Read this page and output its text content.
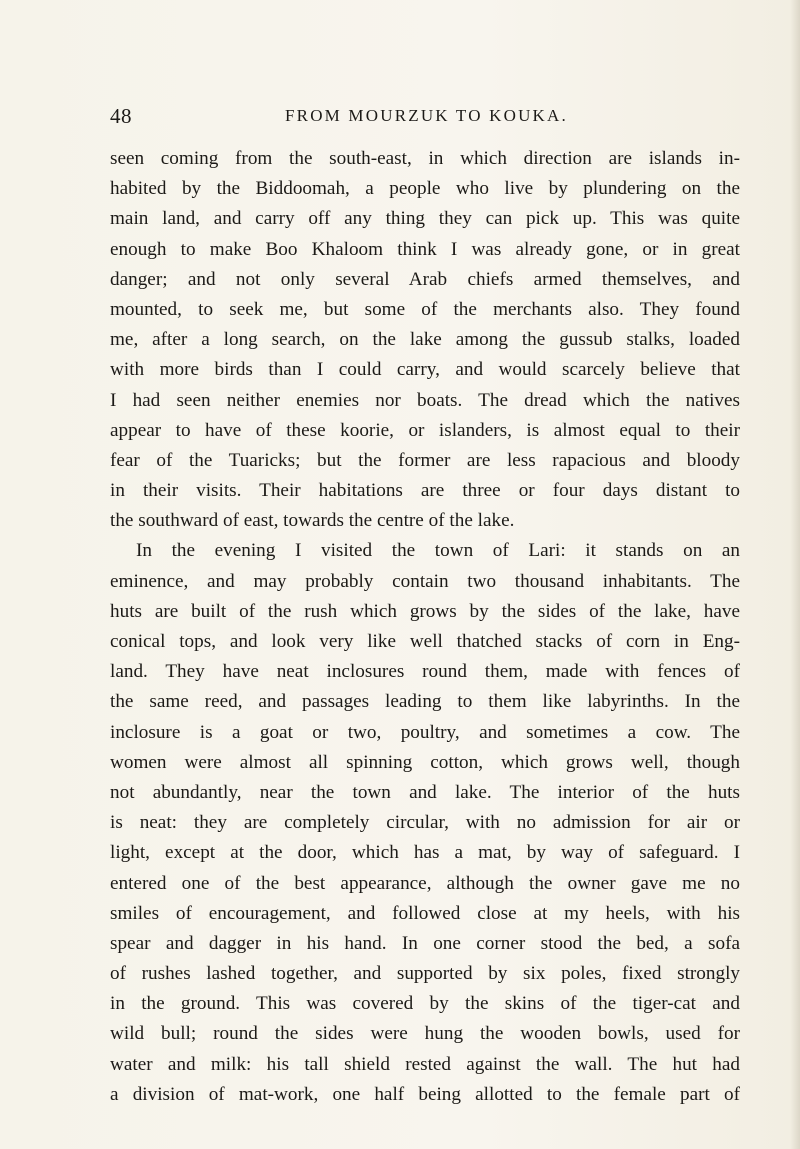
48	FROM MOURZUK TO KOUKA.
seen coming from the south-east, in which direction are islands in-
habited by the Biddoomah, a people who live by plundering on the
main land, and carry off any thing they can pick up. This was quite
enough to make Boo Khaloom think I was already gone, or in great
danger; and not only several Arab chiefs armed themselves, and
mounted, to seek me, but some of the merchants also. They found
me, after a long search, on the lake among the gussub stalks, loaded
with more birds than I could carry, and would scarcely believe that
I had seen neither enemies nor boats. The dread which the natives
appear to have of these koorie, or islanders, is almost equal to their
fear of the Tuaricks; but the former are less rapacious and bloody
in their visits. Their habitations are three or four days distant to
the southward of east, towards the centre of the lake.
In the evening I visited the town of Lari: it stands on an
eminence, and may probably contain two thousand inhabitants. The
huts are built of the rush which grows by the sides of the lake, have
conical tops, and look very like well thatched stacks of corn in Eng-
land. They have neat inclosures round them, made with fences of
the same reed, and passages leading to them like labyrinths. In the
inclosure is a goat or two, poultry, and sometimes a cow. The
women were almost all spinning cotton, which grows well, though
not abundantly, near the town and lake. The interior of the huts
is neat: they are completely circular, with no admission for air or
light, except at the door, which has a mat, by way of safeguard. I
entered one of the best appearance, although the owner gave me no
smiles of encouragement, and followed close at my heels, with his
spear and dagger in his hand. In one corner stood the bed, a sofa
of rushes lashed together, and supported by six poles, fixed strongly
in the ground. This was covered by the skins of the tiger-cat and
wild bull; round the sides were hung the wooden bowls, used for
water and milk: his tall shield rested against the wall. The hut had
a division of mat-work, one half being allotted to the female part of
